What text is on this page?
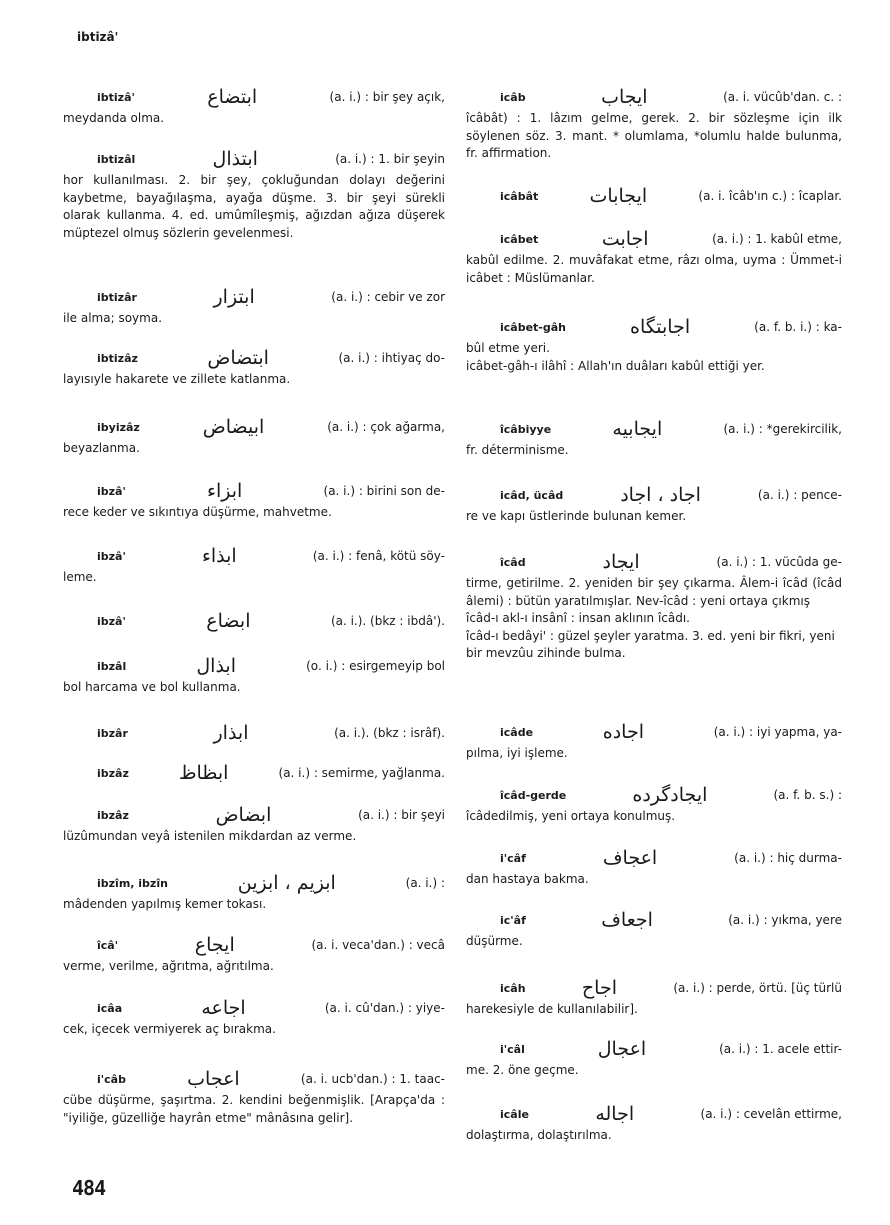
ibtizâ'
ibtizâ'	ابتضاع	(a. i.) : bir şey açık,
meydanda olma.
ibtizâl	ابتذال	(a. i.) : 1. bir şeyin
hor kullanılması. 2. bir şey, çokluğundan dolayı değerini kaybetme, bayağılaşma, ayağa düşme. 3. bir şeyi sürekli olarak kullanma. 4. ed. umûmîleşmiş, ağızdan ağıza düşerek müptezel olmuş sözlerin gevelenmesi.
ibtizâr	ابتزار	(a. i.) : cebir ve zor
ile alma; soyma.
ibtizâz	ابتضاض	(a. i.) : ihtiyaç do-
layısıyle hakarete ve zillete katlanma.
ibyizâz	ابيضاض	(a. i.) : çok ağarma,
beyazlanma.
ibzâ'	ابزاء	(a. i.) : birini son de-
rece keder ve sıkıntıya düşürme, mahvetme.
ibzâ'	ابذاء	(a. i.) : fenâ, kötü söy-
leme.
ibzâ'	ابضاع	(a. i.). (bkz : ibdâ').
ibzâl	ابذال	(o. i.) : esirgemeyip bol
bol harcama ve bol kullanma.
ibzâr	ابذار	(a. i.). (bkz : isrâf).
ibzâz	ابظاظ	(a. i.) : semirme, yağlanma.
ibzâz	ابضاض	(a. i.) : bir şeyi
lüzûmundan veyâ istenilen mikdardan az verme.
ibzîm, ibzîn	ابزيم ، ابزين	(a. i.) :
mâdenden yapılmış kemer tokası.
îcâ'	ايجاع	(a. i. veca'dan.) : vecâ
verme, verilme, ağrıtma, ağrıtılma.
icâa	اجاعه	(a. i. cû'dan.) : yiye-
cek, içecek vermiyerek aç bırakma.
i'câb	اعجاب	(a. i. ucb'dan.) : 1. taac-
cübe düşürme, şaşırtma. 2. kendini beğenmişlik. [Arapça'da : "iyiliğe, güzelliğe hayrân etme" mânâsına gelir].
icâb	ايجاب	(a. i. vücûb'dan. c. :
îcâbât) : 1. lâzım gelme, gerek. 2. bir sözleşme için ilk söylenen söz. 3. mant. * olumlama, *olumlu halde bulunma, fr. affirmation.
icâbât	ايجابات	(a. i. îcâb'ın c.) : îcaplar.
icâbet	اجابت	(a. i.) : 1. kabûl etme,
kabûl edilme. 2. muvâfakat etme, râzı olma, uyma : Ümmet-i icâbet : Müslümanlar.
icâbet-gâh	اجابتگاه	(a. f. b. i.) : ka-
bûl etme yeri.
icâbet-gâh-ı ilâhî : Allah'ın duâları kabûl ettiği yer.
îcâbiyye	ايجابيه	(a. i.) : *gerekircilik,
fr. déterminisme.
icâd, ücâd	اجاد ، اجاد	(a. i.) : pence-
re ve kapı üstlerinde bulunan kemer.
îcâd	ايجاد	(a. i.) : 1. vücûda ge-
tirme, getirilme. 2. yeniden bir şey çıkarma. Âlem-i îcâd (îcâd âlemi) : bütün yaratılmışlar. Nev-îcâd : yeni ortaya çıkmış
îcâd-ı akl-ı insânî : insan aklının îcâdı.
îcâd-ı bedâyi' : güzel şeyler yaratma. 3. ed. yeni bir fikri, yeni bir mevzûu zihinde bulma.
icâde	اجاده	(a. i.) : iyi yapma, ya-
pılma, iyi işleme.
îcâd-gerde	ايجادگرده	(a. f. b. s.) :
îcâdedilmiş, yeni ortaya konulmuş.
i'câf	اعجاف	(a. i.) : hiç durma-
dan hastaya bakma.
ic'âf	اجعاف	(a. i.) : yıkma, yere
düşürme.
icâh	اجاح	(a. i.) : perde, örtü. [üç türlü
harekesiyle de kullanılabilir].
i'câl	اعجال	(a. i.) : 1. acele ettir-
me. 2. öne geçme.
icâle	اجاله	(a. i.) : cevelân ettirme,
dolaştırma, dolaştırılma.
484
